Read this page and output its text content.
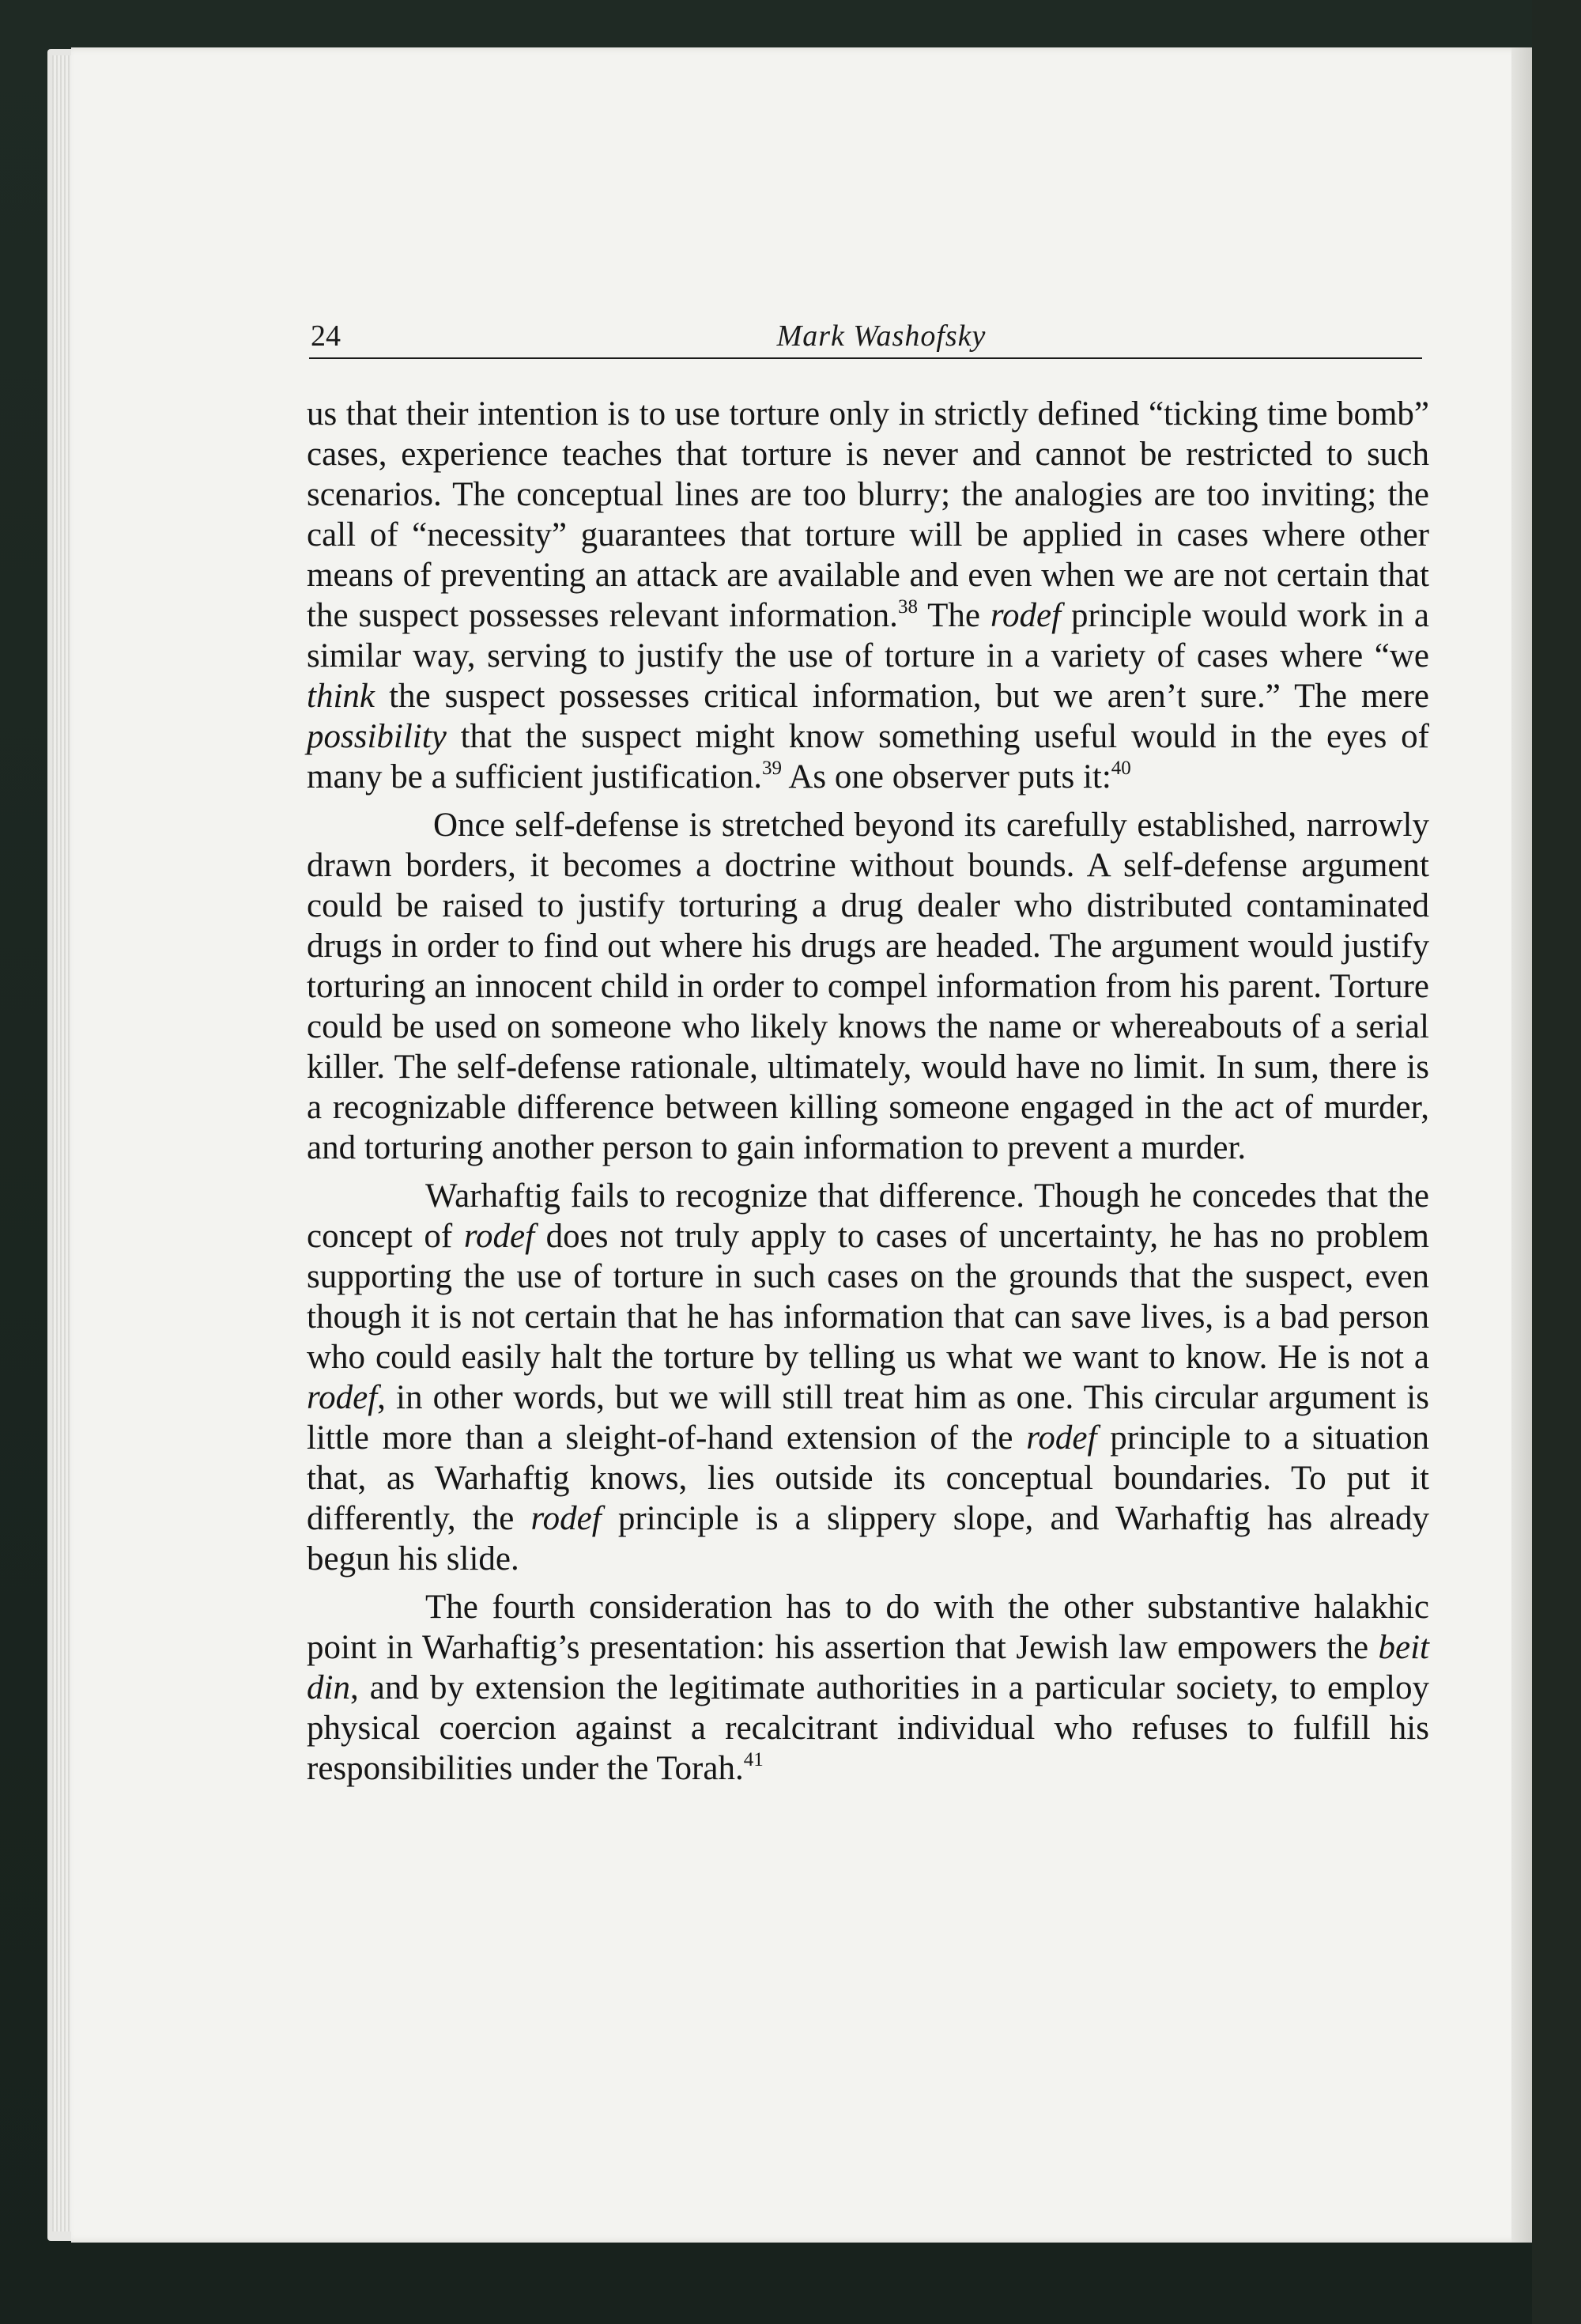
24	Mark Washofsky

us that their intention is to use torture only in strictly defined “ticking time bomb” cases, experience teaches that torture is never and cannot be restricted to such scenarios. The conceptual lines are too blurry; the analogies are too inviting; the call of “necessity” guarantees that torture will be applied in cases where other means of preventing an attack are available and even when we are not certain that the suspect possesses relevant information.$^{38}$ The rodef principle would work in a similar way, serving to justify the use of torture in a variety of cases where “we think the suspect possesses critical information, but we aren’t sure.” The mere possibility that the suspect might know something useful would in the eyes of many be a sufficient justification.$^{39}$ As one observer puts it:$^{40}$

Once self-defense is stretched beyond its carefully established, narrowly drawn borders, it becomes a doctrine without bounds. A self-defense argument could be raised to justify torturing a drug dealer who distributed contaminated drugs in order to find out where his drugs are headed. The argument would justify torturing an innocent child in order to compel information from his parent. Torture could be used on someone who likely knows the name or whereabouts of a serial killer. The self-defense rationale, ultimately, would have no limit. In sum, there is a recognizable difference between killing someone engaged in the act of murder, and torturing another person to gain information to prevent a murder.

Warhaftig fails to recognize that difference. Though he concedes that the concept of rodef does not truly apply to cases of uncertainty, he has no problem supporting the use of torture in such cases on the grounds that the suspect, even though it is not certain that he has information that can save lives, is a bad person who could easily halt the torture by telling us what we want to know. He is not a rodef, in other words, but we will still treat him as one. This circular argument is little more than a sleight-of-hand extension of the rodef principle to a situation that, as Warhaftig knows, lies outside its conceptual boundaries. To put it differently, the rodef principle is a slippery slope, and Warhaftig has already begun his slide.

The fourth consideration has to do with the other substantive halakhic point in Warhaftig’s presentation: his assertion that Jewish law empowers the beit din, and by extension the legitimate authorities in a particular society, to employ physical coercion against a recalcitrant individual who refuses to fulfill his responsibilities under the Torah.$^{41}$
